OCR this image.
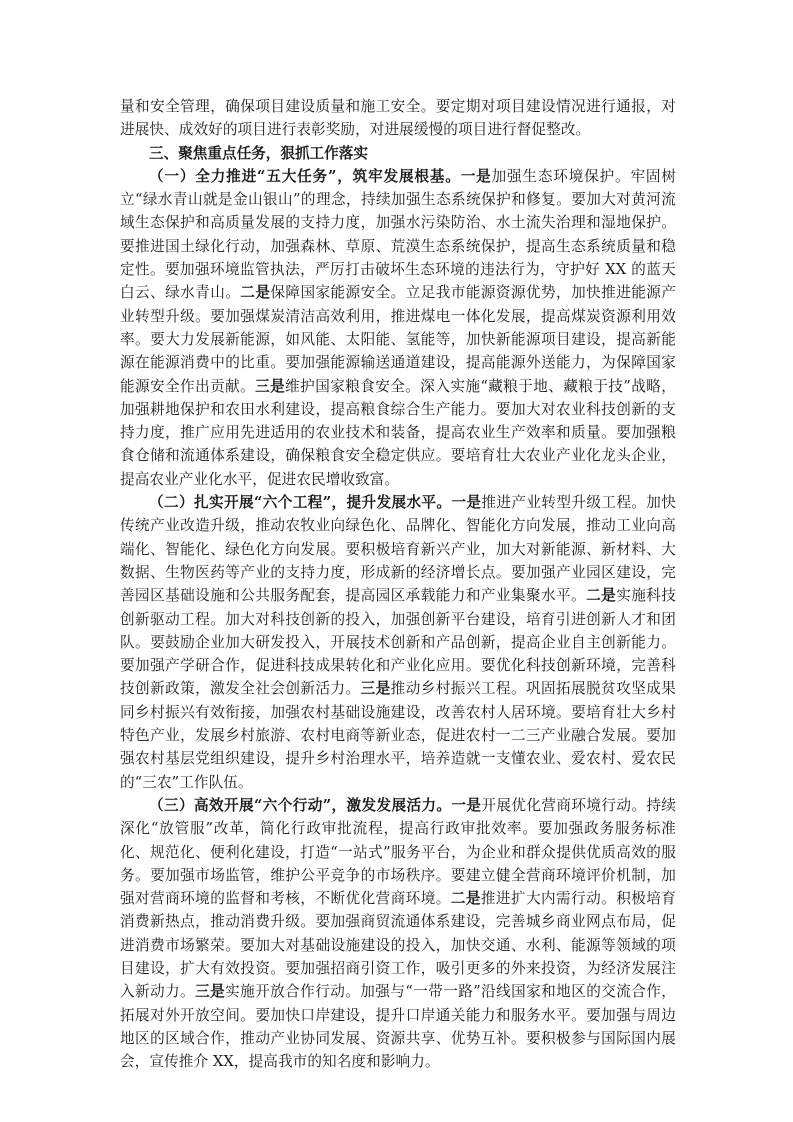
量和安全管理，确保项目建设质量和施工安全。要定期对项目建设情况进行通报，对进展快、成效好的项目进行表彰奖励，对进展缓慢的项目进行督促整改。

三、聚焦重点任务，狠抓工作落实

（一）全力推进“五大任务”，筑牢发展根基。一是加强生态环境保护。牢固树立“绿水青山就是金山银山”的理念，持续加强生态系统保护和修复。要加大对黄河流域生态保护和高质量发展的支持力度，加强水污染防治、水土流失治理和湿地保护。要推进国土绿化行动，加强森林、草原、荒漠生态系统保护，提高生态系统质量和稳定性。要加强环境监管执法，严厉打击破坏生态环境的违法行为，守护好 XX 的蓝天白云、绿水青山。二是保障国家能源安全。立足我市能源资源优势，加快推进能源产业转型升级。要加强煤炭清洁高效利用，推进煤电一体化发展，提高煤炭资源利用效率。要大力发展新能源，如风能、太阳能、氢能等，加快新能源项目建设，提高新能源在能源消费中的比重。要加强能源输送通道建设，提高能源外送能力，为保障国家能源安全作出贡献。三是维护国家粮食安全。深入实施“藏粮于地、藏粮于技”战略，加强耕地保护和农田水利建设，提高粮食综合生产能力。要加大对农业科技创新的支持力度，推广应用先进适用的农业技术和装备，提高农业生产效率和质量。要加强粮食仓储和流通体系建设，确保粮食安全稳定供应。要培育壮大农业产业化龙头企业，提高农业产业化水平，促进农民增收致富。

（二）扎实开展“六个工程”，提升发展水平。一是推进产业转型升级工程。加快传统产业改造升级，推动农牧业向绿色化、品牌化、智能化方向发展，推动工业向高端化、智能化、绿色化方向发展。要积极培育新兴产业，加大对新能源、新材料、大数据、生物医药等产业的支持力度，形成新的经济增长点。要加强产业园区建设，完善园区基础设施和公共服务配套，提高园区承载能力和产业集聚水平。二是实施科技创新驱动工程。加大对科技创新的投入，加强创新平台建设，培育引进创新人才和团队。要鼓励企业加大研发投入，开展技术创新和产品创新，提高企业自主创新能力。要加强产学研合作，促进科技成果转化和产业化应用。要优化科技创新环境，完善科技创新政策，激发全社会创新活力。三是推动乡村振兴工程。巩固拓展脱贫攻坚成果同乡村振兴有效衔接，加强农村基础设施建设，改善农村人居环境。要培育壮大乡村特色产业，发展乡村旅游、农村电商等新业态，促进农村一二三产业融合发展。要加强农村基层党组织建设，提升乡村治理水平，培养造就一支懂农业、爱农村、爱农民的“三农”工作队伍。

（三）高效开展“六个行动”，激发发展活力。一是开展优化营商环境行动。持续深化“放管服”改革，简化行政审批流程，提高行政审批效率。要加强政务服务标准化、规范化、便利化建设，打造“一站式”服务平台，为企业和群众提供优质高效的服务。要加强市场监管，维护公平竞争的市场秩序。要建立健全营商环境评价机制，加强对营商环境的监督和考核，不断优化营商环境。二是推进扩大内需行动。积极培育消费新热点，推动消费升级。要加强商贸流通体系建设，完善城乡商业网点布局，促进消费市场繁荣。要加大对基础设施建设的投入，加快交通、水利、能源等领域的项目建设，扩大有效投资。要加强招商引资工作，吸引更多的外来投资，为经济发展注入新动力。三是实施开放合作行动。加强与“一带一路”沿线国家和地区的交流合作，拓展对外开放空间。要加快口岸建设，提升口岸通关能力和服务水平。要加强与周边地区的区域合作，推动产业协同发展、资源共享、优势互补。要积极参与国际国内展会，宣传推介 XX，提高我市的知名度和影响力。
